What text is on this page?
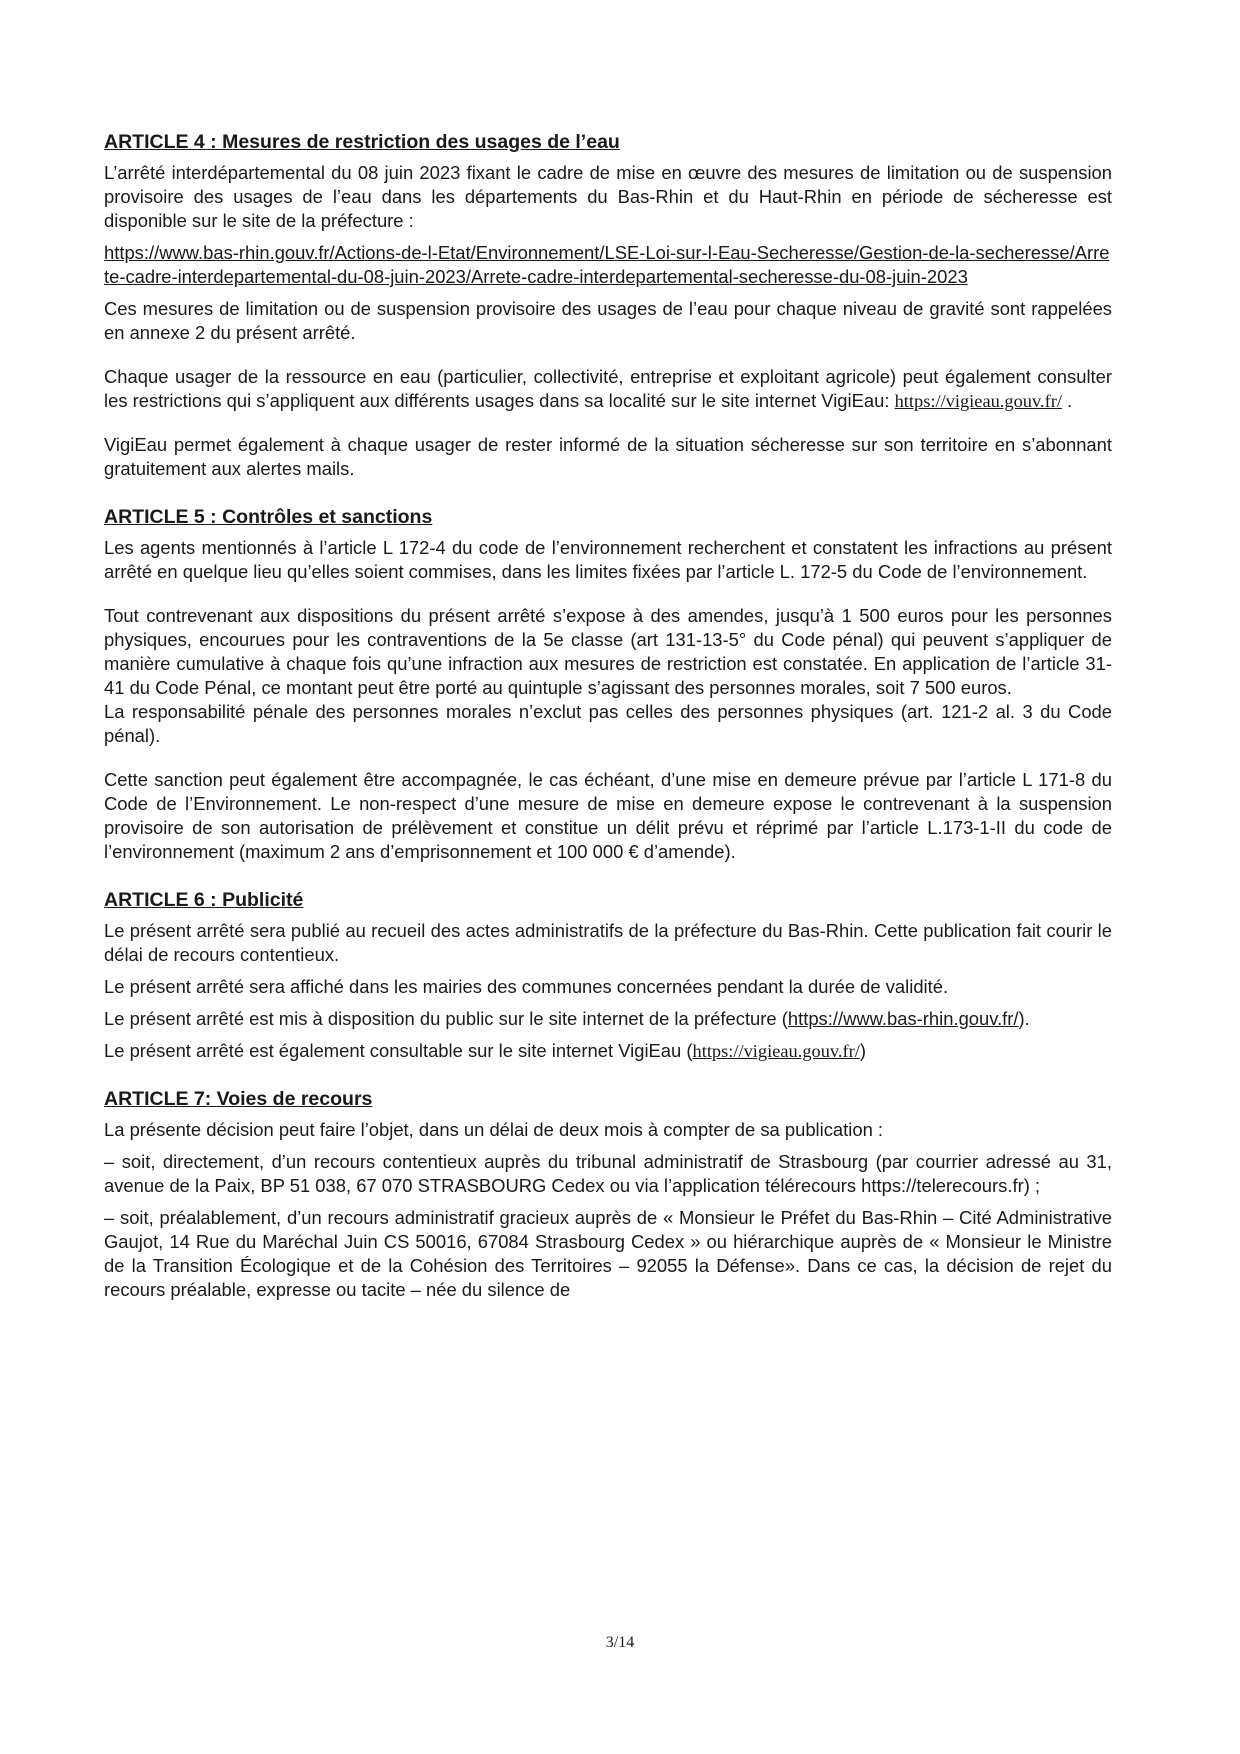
ARTICLE 4 : Mesures de restriction des usages de l’eau

L’arrêté interdépartemental du 08 juin 2023 fixant le cadre de mise en œuvre des mesures de limitation ou de suspension provisoire des usages de l’eau dans les départements du Bas-Rhin et du Haut-Rhin en période de sécheresse est disponible sur le site de la préfecture :

https://www.bas-rhin.gouv.fr/Actions-de-l-Etat/Environnement/LSE-Loi-sur-l-Eau-Secheresse/Gestion-de-la-secheresse/Arrete-cadre-interdepartemental-du-08-juin-2023/Arrete-cadre-interdepartemental-secheresse-du-08-juin-2023

Ces mesures de limitation ou de suspension provisoire des usages de l’eau pour chaque niveau de gravité sont rappelées en annexe 2 du présent arrêté.

Chaque usager de la ressource en eau (particulier, collectivité, entreprise et exploitant agricole) peut également consulter les restrictions qui s’appliquent aux différents usages dans sa localité sur le site internet VigiEau: https://vigieau.gouv.fr/ .

VigiEau permet également à chaque usager de rester informé de la situation sécheresse sur son territoire en s’abonnant gratuitement aux alertes mails.

ARTICLE 5 : Contrôles et sanctions

Les agents mentionnés à l’article L 172-4 du code de l’environnement recherchent et constatent les infractions au présent arrêté en quelque lieu qu’elles soient commises, dans les limites fixées par l’article L. 172-5 du Code de l’environnement.

Tout contrevenant aux dispositions du présent arrêté s’expose à des amendes, jusqu’à 1 500 euros pour les personnes physiques, encourues pour les contraventions de la 5e classe (art 131-13-5° du Code pénal) qui peuvent s’appliquer de manière cumulative à chaque fois qu’une infraction aux mesures de restriction est constatée. En application de l’article 31-41 du Code Pénal, ce montant peut être porté au quintuple s’agissant des personnes morales, soit 7 500 euros.

La responsabilité pénale des personnes morales n’exclut pas celles des personnes physiques (art. 121-2 al. 3 du Code pénal).

Cette sanction peut également être accompagnée, le cas échéant, d’une mise en demeure prévue par l’article L 171-8 du Code de l’Environnement. Le non-respect d’une mesure de mise en demeure expose le contrevenant à la suspension provisoire de son autorisation de prélèvement et constitue un délit prévu et réprimé par l’article L.173-1-II du code de l’environnement (maximum 2 ans d’emprisonnement et 100 000 € d’amende).

ARTICLE 6 : Publicité

Le présent arrêté sera publié au recueil des actes administratifs de la préfecture du Bas-Rhin. Cette publication fait courir le délai de recours contentieux.

Le présent arrêté sera affiché dans les mairies des communes concernées pendant la durée de validité.

Le présent arrêté est mis à disposition du public sur le site internet de la préfecture (https://www.bas-rhin.gouv.fr/).

Le présent arrêté est également consultable sur le site internet VigiEau (https://vigieau.gouv.fr/)

ARTICLE 7: Voies de recours

La présente décision peut faire l’objet, dans un délai de deux mois à compter de sa publication :

– soit, directement, d’un recours contentieux auprès du tribunal administratif de Strasbourg (par courrier adressé au 31, avenue de la Paix, BP 51 038, 67 070 STRASBOURG Cedex ou via l’application télérecours https://telerecours.fr) ;

– soit, préalablement, d’un recours administratif gracieux auprès de « Monsieur le Préfet du Bas-Rhin – Cité Administrative Gaujot, 14 Rue du Maréchal Juin CS 50016, 67084 Strasbourg Cedex » ou hiérarchique auprès de « Monsieur le Ministre de la Transition Écologique et de la Cohésion des Territoires – 92055 la Défense». Dans ce cas, la décision de rejet du recours préalable, expresse ou tacite – née du silence de

3/14
